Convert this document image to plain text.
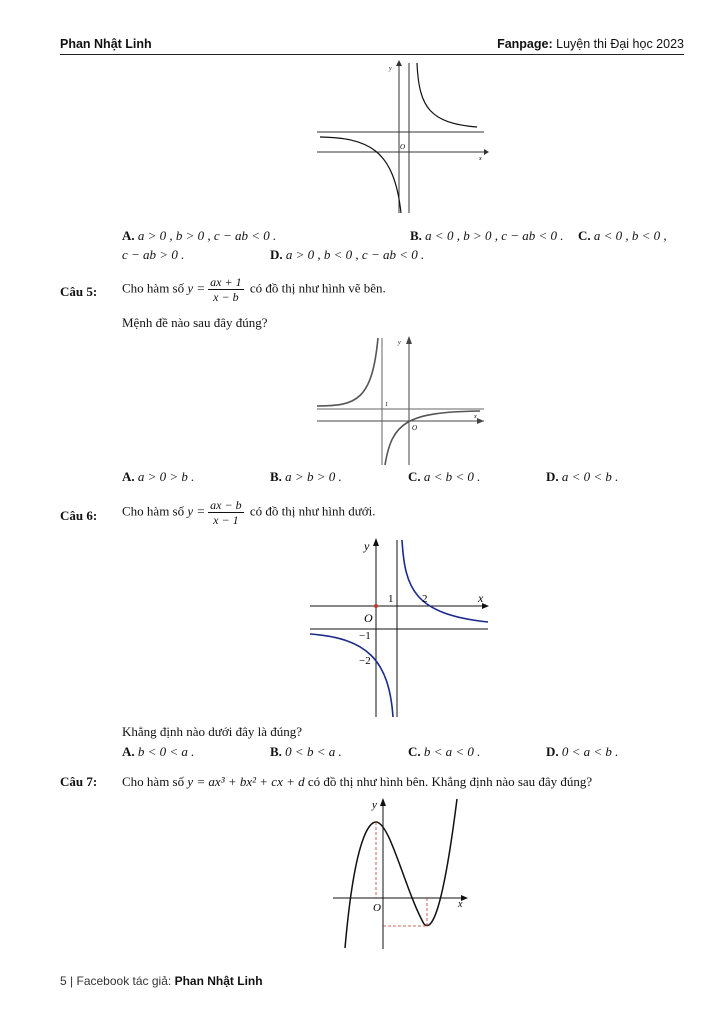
Phan Nhật Linh	Fanpage: Luyện thi Đại học 2023
y
O
x
A. a > 0 , b > 0 , c − ab < 0 .	B. a < 0 , b > 0 , c − ab < 0 . C. a < 0 , b < 0 ,
c − ab > 0 .	D. a > 0 , b < 0 , c − ab < 0 .
Câu 5: Cho hàm số $y = \frac{ax + 1}{x - b}$ có đồ thị như hình vẽ bên.
Mệnh đề nào sau đây đúng?
y
1
O
x
A. a > 0 > b .	B. a > b > 0 .	C. a < b < 0 .	D. a < 0 < b .
Câu 6: Cho hàm số $y = \frac{ax - b}{x - 1}$ có đồ thị như hình dưới.
y
1	2	x
O
−1
−2
Khẳng định nào dưới đây là đúng?
A. b < 0 < a .	B. 0 < b < a .	C. b < a < 0 .	D. 0 < a < b .
Câu 7: Cho hàm số y = ax³ + bx² + cx + d có đồ thị như hình bên. Khẳng định nào sau đây đúng?
y
O	x
5 | Facebook tác giả: Phan Nhật Linh
